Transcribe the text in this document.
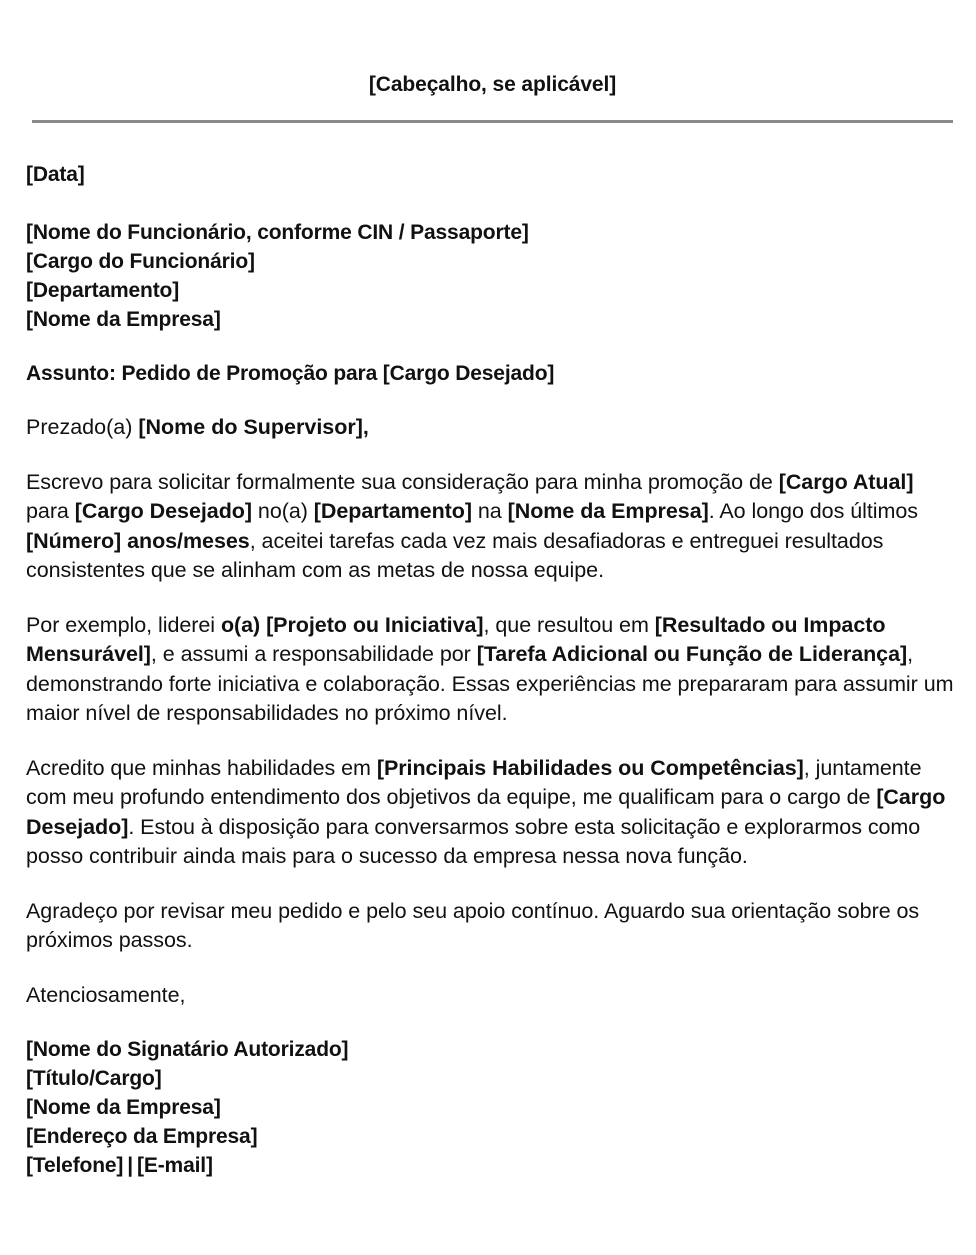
[Cabeçalho, se aplicável]
[Data]
[Nome do Funcionário, conforme CIN / Passaporte]
[Cargo do Funcionário]
[Departamento]
[Nome da Empresa]
Assunto: Pedido de Promoção para [Cargo Desejado]

Prezado(a) [Nome do Supervisor],

Escrevo para solicitar formalmente sua consideração para minha promoção de [Cargo Atual] para [Cargo Desejado] no(a) [Departamento] na [Nome da Empresa]. Ao longo dos últimos [Número] anos/meses, aceitei tarefas cada vez mais desafiadoras e entreguei resultados consistentes que se alinham com as metas de nossa equipe.

Por exemplo, liderei o(a) [Projeto ou Iniciativa], que resultou em [Resultado ou Impacto Mensurável], e assumi a responsabilidade por [Tarefa Adicional ou Função de Liderança], demonstrando forte iniciativa e colaboração. Essas experiências me prepararam para assumir um maior nível de responsabilidades no próximo nível.

Acredito que minhas habilidades em [Principais Habilidades ou Competências], juntamente com meu profundo entendimento dos objetivos da equipe, me qualificam para o cargo de [Cargo Desejado]. Estou à disposição para conversarmos sobre esta solicitação e explorarmos como posso contribuir ainda mais para o sucesso da empresa nessa nova função.

Agradeço por revisar meu pedido e pelo seu apoio contínuo. Aguardo sua orientação sobre os próximos passos.

Atenciosamente,

[Nome do Signatário Autorizado]
[Título/Cargo]
[Nome da Empresa]
[Endereço da Empresa]
[Telefone] | [E-mail]
